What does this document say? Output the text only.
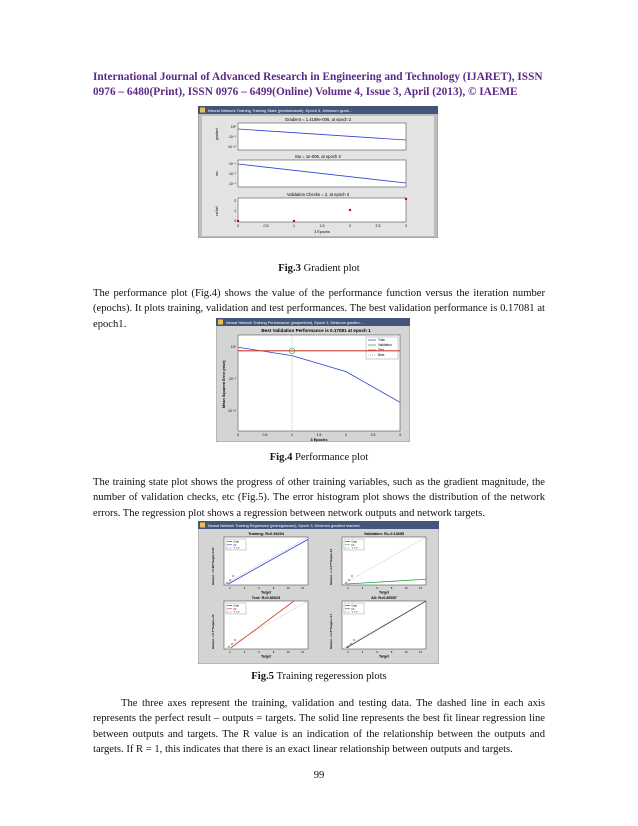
International Journal of Advanced Research in Engineering and Technology (IJARET), ISSN
0976 – 6480(Print), ISSN 0976 – 6499(Online) Volume 4, Issue 3, April (2013), © IAEME
Neural Network Training Training State (plottrainstate), Epoch 3, Minimum gradi...
Gradient = 1.4189e-006, at epoch 3
gradient
10⁰
10⁻⁵
10⁻¹⁰
Mu = 1e-006, at epoch 3
mu
10⁻⁴
10⁻⁵
10⁻⁶
Validation Checks = 2, at epoch 3
val fail
2
1
0
0	0.5	1	1.5	2	2.5	3
3 Epochs
Fig.3 Gradient plot

The performance plot (Fig.4) shows the value of the performance function versus the iteration number (epochs). It plots training, validation and test performances. The best validation performance is 0.17081 at epoch1.	Neural Network Training Performance (plotperform), Epoch 3, Minimum gradien...
Best Validation Performance is 0.17081 at epoch 1
Mean Squared Error (mse)
10⁰
10⁻⁵
10⁻¹⁰
0	0.5	1	1.5	2	2.5	3
3 Epochs
Train
Validation
Test
Best
Fig.4 Performance plot

The training state plot shows the progress of other training variables, such as the gradient magnitude, the number of validation checks, etc (Fig.5). The error histogram plot shows the distribution of the network errors. The regression plot shows a regression between network outputs and network targets.

Neural Network Training Regression (plotregression), Epoch 3, Minimum gradient reached.
Training: R=0.93294
Output ~=0.99*Target+0.27
Data
Fit
Y = T
2	4	6	8	10	12
Target
Validation: R=-0.13655
Output ~=-0.07*Target+13
Data
Fit
Y = T
2	4	6	8	10	12
Target
Test: R=0.80023
Output ~=3.7*Target+-20
Data
Fit
Y = T
2	4	6	8	10	12
Target
All: R=0.85557
Output ~=1.5*Target+-4.7
Data
Fit
Y = T
2	4	6	8	10	12
Target
Fig.5 Training regeression plots

The three axes represent the training, validation and testing data. The dashed line in each axis represents the perfect result – outputs = targets. The solid line represents the best fit linear regression line between outputs and targets. The R value is an indication of the relationship between the outputs and targets. If R = 1, this indicates that there is an exact linear relationship between outputs and targets.

99
